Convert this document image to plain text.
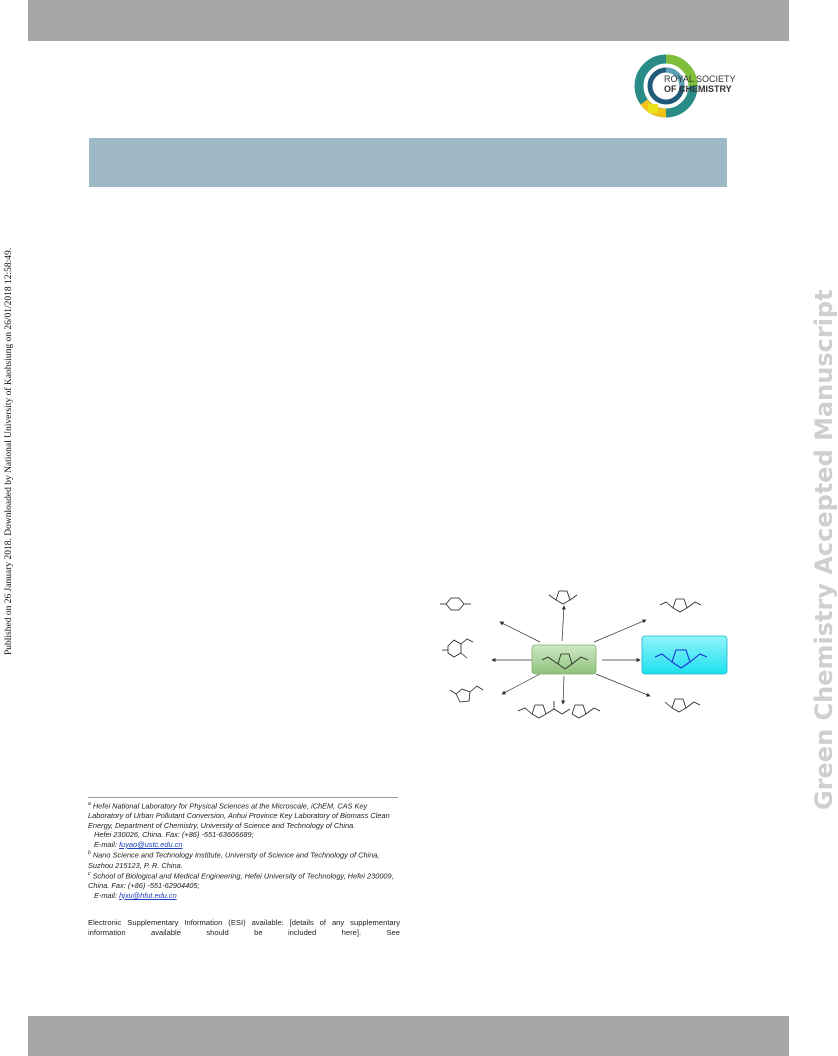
ROYAL SOCIETY
OF CHEMISTRY
Published on 26 January 2018. Downloaded by National University of Kaohsiung on 26/01/2018 12:58:49.	Green Chemistry Accepted Manuscript

$^a$ Hefei National Laboratory for Physical Sciences at the Microscale, iChEM, CAS Key Laboratory of Urban Pollutant Conversion, Anhui Province Key Laboratory of Biomass Clean Energy, Department of Chemistry, University of Science and Technology of China.

Hefei 230026, China. Fax: (+86) -551-63606689;

E-mail: fuyao@ustc.edu.cn

$^b$ Nano Science and Technology Institute, University of Science and Technology of China, Suzhou 215123, P. R. China.

$^c$ School of Biological and Medical Engineering, Hefei University of Technology, Hefei 230009, China. Fax: (+86) -551-62904405;

E-mail: hjxu@hfut.edu.cn

Electronic Supplementary Information (ESI) available: [details of any supplementary information available should be included here]. See
